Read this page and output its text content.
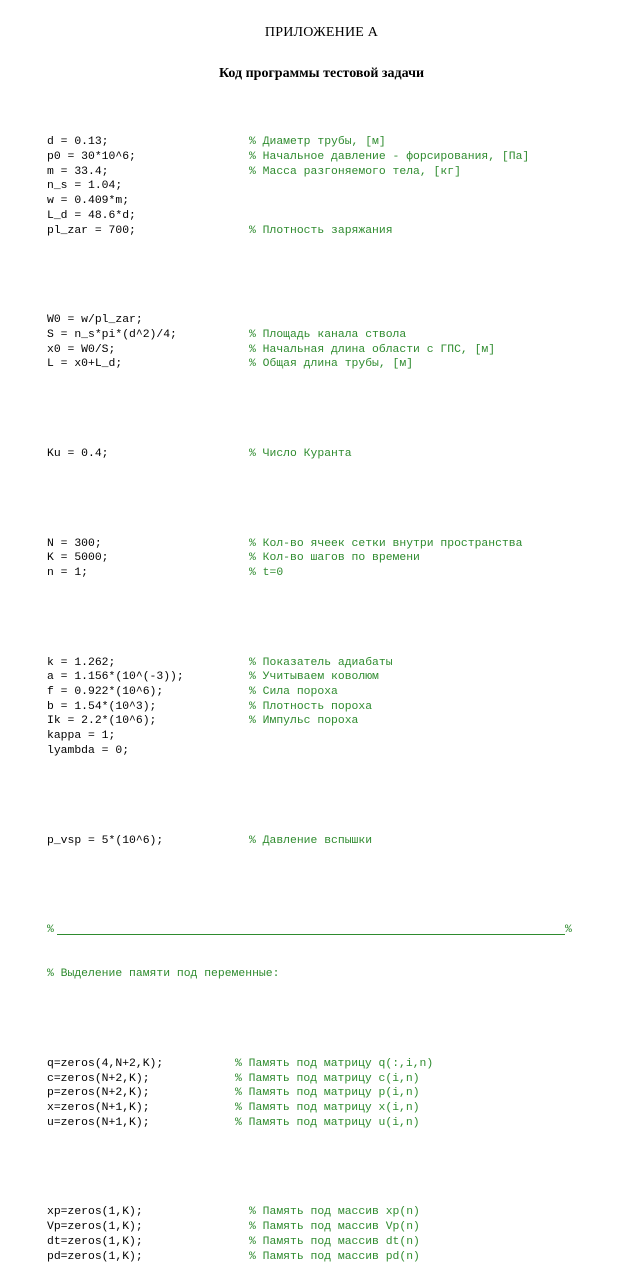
ПРИЛОЖЕНИЕ А
Код программы тестовой задачи

d = 0.13;	% Диаметр трубы, [м]
p0 = 30*10^6;	% Начальное давление - форсирования, [Па]
m = 33.4;	% Масса разгоняемого тела, [кг]
n_s = 1.04;
w = 0.409*m;
L_d = 48.6*d;
pl_zar = 700;	% Плотность заряжания

W0 = w/pl_zar;
S = n_s*pi*(d^2)/4;	% Площадь канала ствола
x0 = W0/S;	% Начальная длина области с ГПС, [м]
L = x0+L_d;	% Общая длина трубы, [м]

Ku = 0.4;	% Число Куранта

N = 300;	% Кол-во ячеек сетки внутри пространства
K = 5000;	% Кол-во шагов по времени
n = 1;	% t=0

k = 1.262;	% Показатель адиабаты
a = 1.156*(10^(-3));	% Учитываем коволюм
f = 0.922*(10^6);	% Сила пороха
b = 1.54*(10^3);	% Плотность пороха
Ik = 2.2*(10^6);	% Импульс пороха
kappa = 1;
lyambda = 0;

p_vsp = 5*(10^6);	% Давление вспышки

%

	%

% Выделение памяти под переменные:

q=zeros(4,N+2,K);	% Память под матрицу q(:,i,n)
c=zeros(N+2,K);	% Память под матрицу c(i,n)
p=zeros(N+2,K);	% Память под матрицу p(i,n)
x=zeros(N+1,K);	% Память под матрицу x(i,n)
u=zeros(N+1,K);	% Память под матрицу u(i,n)

xp=zeros(1,K);	% Память под массив xp(n)
Vp=zeros(1,K);	% Память под массив Vp(n)
dt=zeros(1,K);	% Память под массив dt(n)
pd=zeros(1,K);	% Память под массив pd(n)
